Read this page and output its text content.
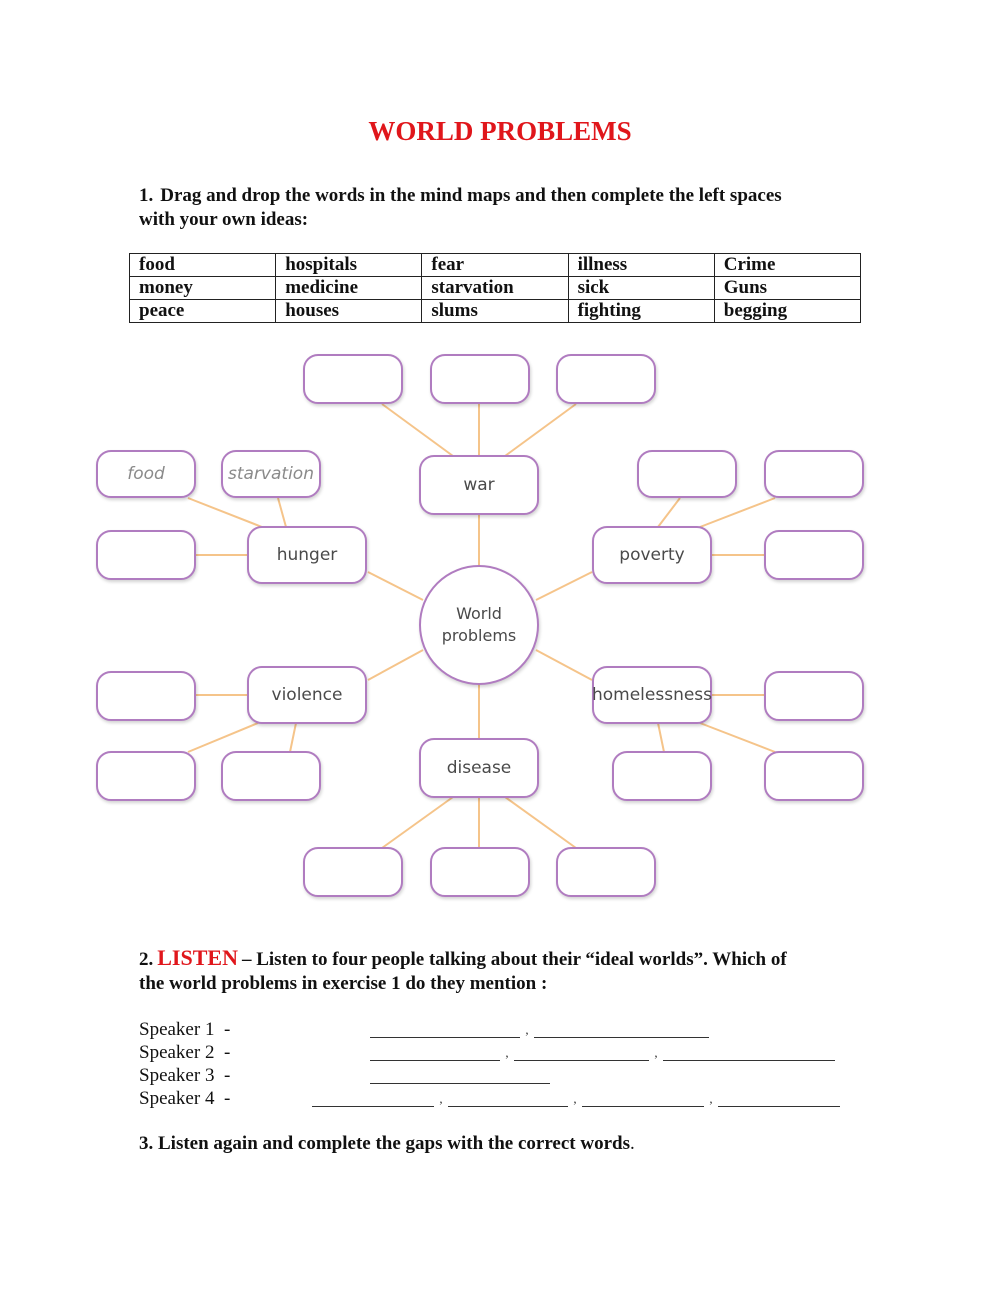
WORLD PROBLEMS
1. Drag and drop the words in the mind maps and then complete the left spaces
with your own ideas:
food	hospitals	fear	illness	Crime
money	medicine	starvation	sick	Guns
peace	houses	slums	fighting	begging
World
problems
war
hunger	poverty
violence	homelessness
disease
food	starvation
2. LISTEN – Listen to four people talking about their “ideal worlds”. Which of
the world problems in exercise 1 do they mention :
Speaker 1 -
Speaker 2 -
Speaker 3 -
Speaker 4 -
,
,	,
,	,	,
3. Listen again and complete the gaps with the correct words.
